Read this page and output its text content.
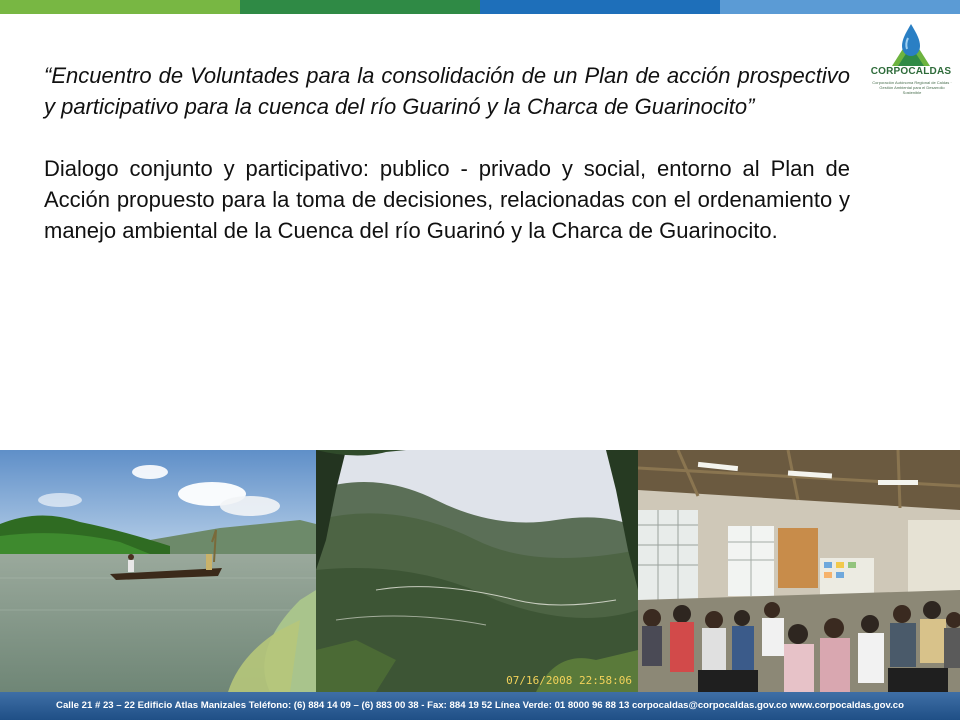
CORPOCALDAS
Corporación Autónoma Regional de Caldas · Gestión Ambiental para el Desarrollo Sostenible

“Encuentro de Voluntades para la consolidación de un Plan de acción prospectivo y participativo para la cuenca del río Guarinó y la Charca de Guarinocito”

Dialogo conjunto y participativo: publico - privado y social, entorno al Plan de Acción propuesto para la toma de decisiones, relacionadas con el ordenamiento y manejo ambiental de la Cuenca del río Guarinó y la Charca de Guarinocito.

07/16/2008 22:58:06
Calle 21 # 23 – 22 Edificio Atlas Manizales Teléfono: (6) 884 14 09 – (6) 883 00 38 - Fax: 884 19 52 Línea Verde: 01 8000 96 88 13 corpocaldas@corpocaldas.gov.co www.corpocaldas.gov.co
